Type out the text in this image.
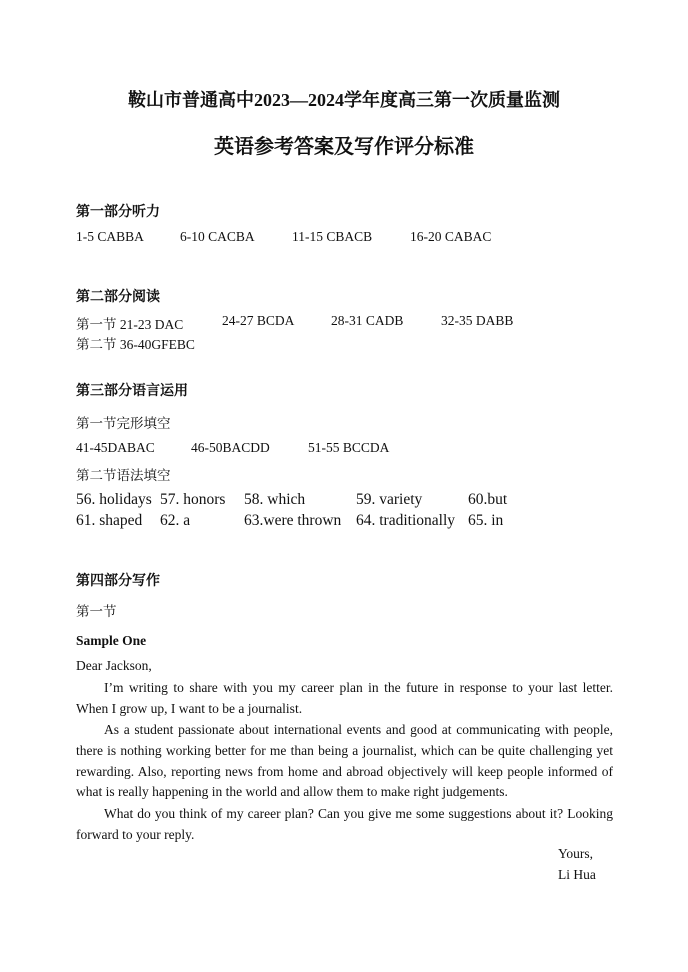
鞍山市普通高中2023—2024学年度高三第一次质量监测
英语参考答案及写作评分标准
第一部分听力
1-5 CABBA	6-10 CACBA	11-15 CBACB	16-20 CABAC
第二部分阅读
第一节 21-23 DAC	24-27 BCDA	28-31 CADB	32-35 DABB
第二节 36-40GFEBC
第三部分语言运用
第一节完形填空
41-45DABAC	46-50BACDD	51-55 BCCDA
第二节语法填空
56. holidays 57. honors 58. which	59. variety	60.but
61. shaped 62. a	63.were thrown 64. traditionally 65. in
第四部分写作
第一节
Sample One
Dear Jackson,
I’m writing to share with you my career plan in the future in response to your last letter. When I grow up, I want to be a journalist.
As a student passionate about international events and good at communicating with people, there is nothing working better for me than being a journalist, which can be quite challenging yet rewarding. Also, reporting news from home and abroad objectively will keep people informed of what is really happening in the world and allow them to make right judgements.
What do you think of my career plan? Can you give me some suggestions about it? Looking forward to your reply.
Yours,
Li Hua
